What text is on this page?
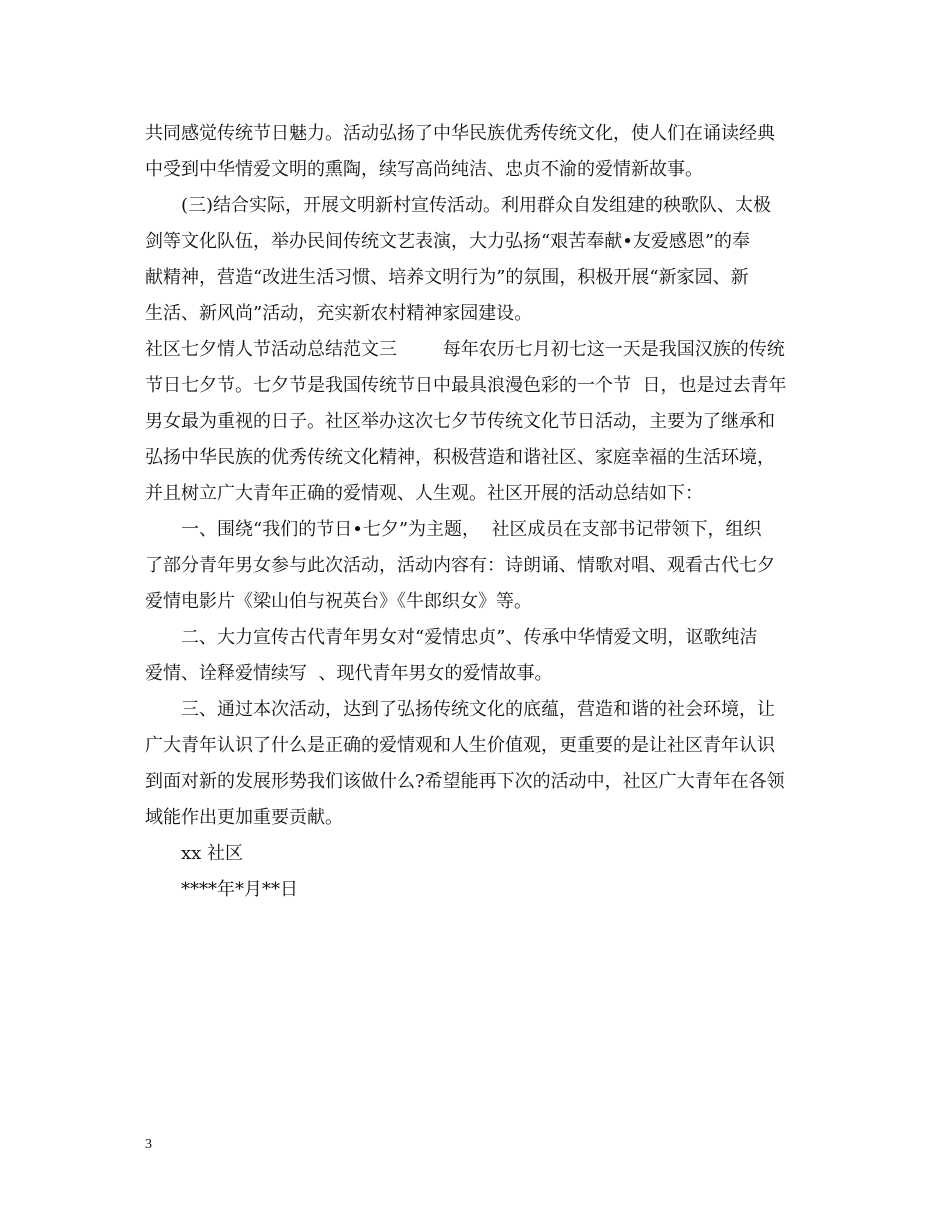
共同感觉传统节日魅力。活动弘扬了中华民族优秀传统文化，使人们在诵读经典
中受到中华情爱文明的熏陶，续写高尚纯洁、忠贞不渝的爱情新故事。
(三)结合实际，开展文明新村宣传活动。利用群众自发组建的秧歌队、太极
剑等文化队伍，举办民间传统文艺表演，大力弘扬“艰苦奉献•友爱感恩”的奉
献精神，营造“改进生活习惯、培养文明行为”的氛围，积极开展“新家园、新
生活、新风尚”活动，充实新农村精神家园建设。
社区七夕情人节活动总结范文三        每年农历七月初七这一天是我国汉族的传统
节日七夕节。七夕节是我国传统节日中最具浪漫色彩的一个节  日，也是过去青年
男女最为重视的日子。社区举办这次七夕节传统文化节日活动，主要为了继承和
弘扬中华民族的优秀传统文化精神，积极营造和谐社区、家庭幸福的生活环境，
并且树立广大青年正确的爱情观、人生观。社区开展的活动总结如下：
一、围绕“我们的节日•七夕”为主题，  社区成员在支部书记带领下，组织
了部分青年男女参与此次活动，活动内容有：诗朗诵、情歌对唱、观看古代七夕
爱情电影片《梁山伯与祝英台》《牛郎织女》等。
二、大力宣传古代青年男女对“爱情忠贞”、传承中华情爱文明，讴歌纯洁
爱情、诠释爱情续写  、现代青年男女的爱情故事。
三、通过本次活动，达到了弘扬传统文化的底蕴，营造和谐的社会环境，让
广大青年认识了什么是正确的爱情观和人生价值观，更重要的是让社区青年认识
到面对新的发展形势我们该做什么?希望能再下次的活动中，社区广大青年在各领
域能作出更加重要贡献。
xx 社区
****年*月**日
3
